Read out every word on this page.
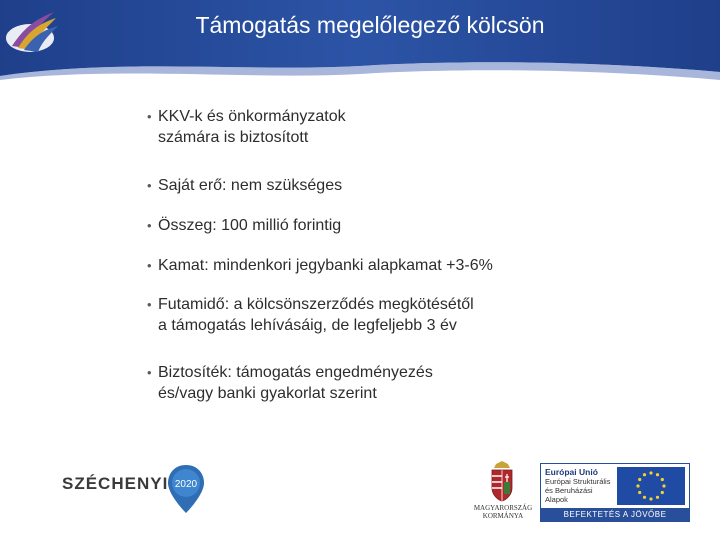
Támogatás megelőlegező kölcsön
• KKV-k és önkormányzatok
számára is biztosított
• Saját erő: nem szükséges
• Összeg: 100 millió forintig
• Kamat: mindenkori jegybanki alapkamat +3-6%
• Futamidő: a kölcsönszerződés megkötésétől
a támogatás lehívásáig, de legfeljebb 3 év
• Biztosíték: támogatás engedményezés
és/vagy banki gyakorlat szerint
SZÉCHENYI 2020
MAGYARORSZÁG
KORMÁNYA
Európai Unió
Európai Strukturális
és Beruházási Alapok
BEFEKTETÉS A JÖVŐBE
